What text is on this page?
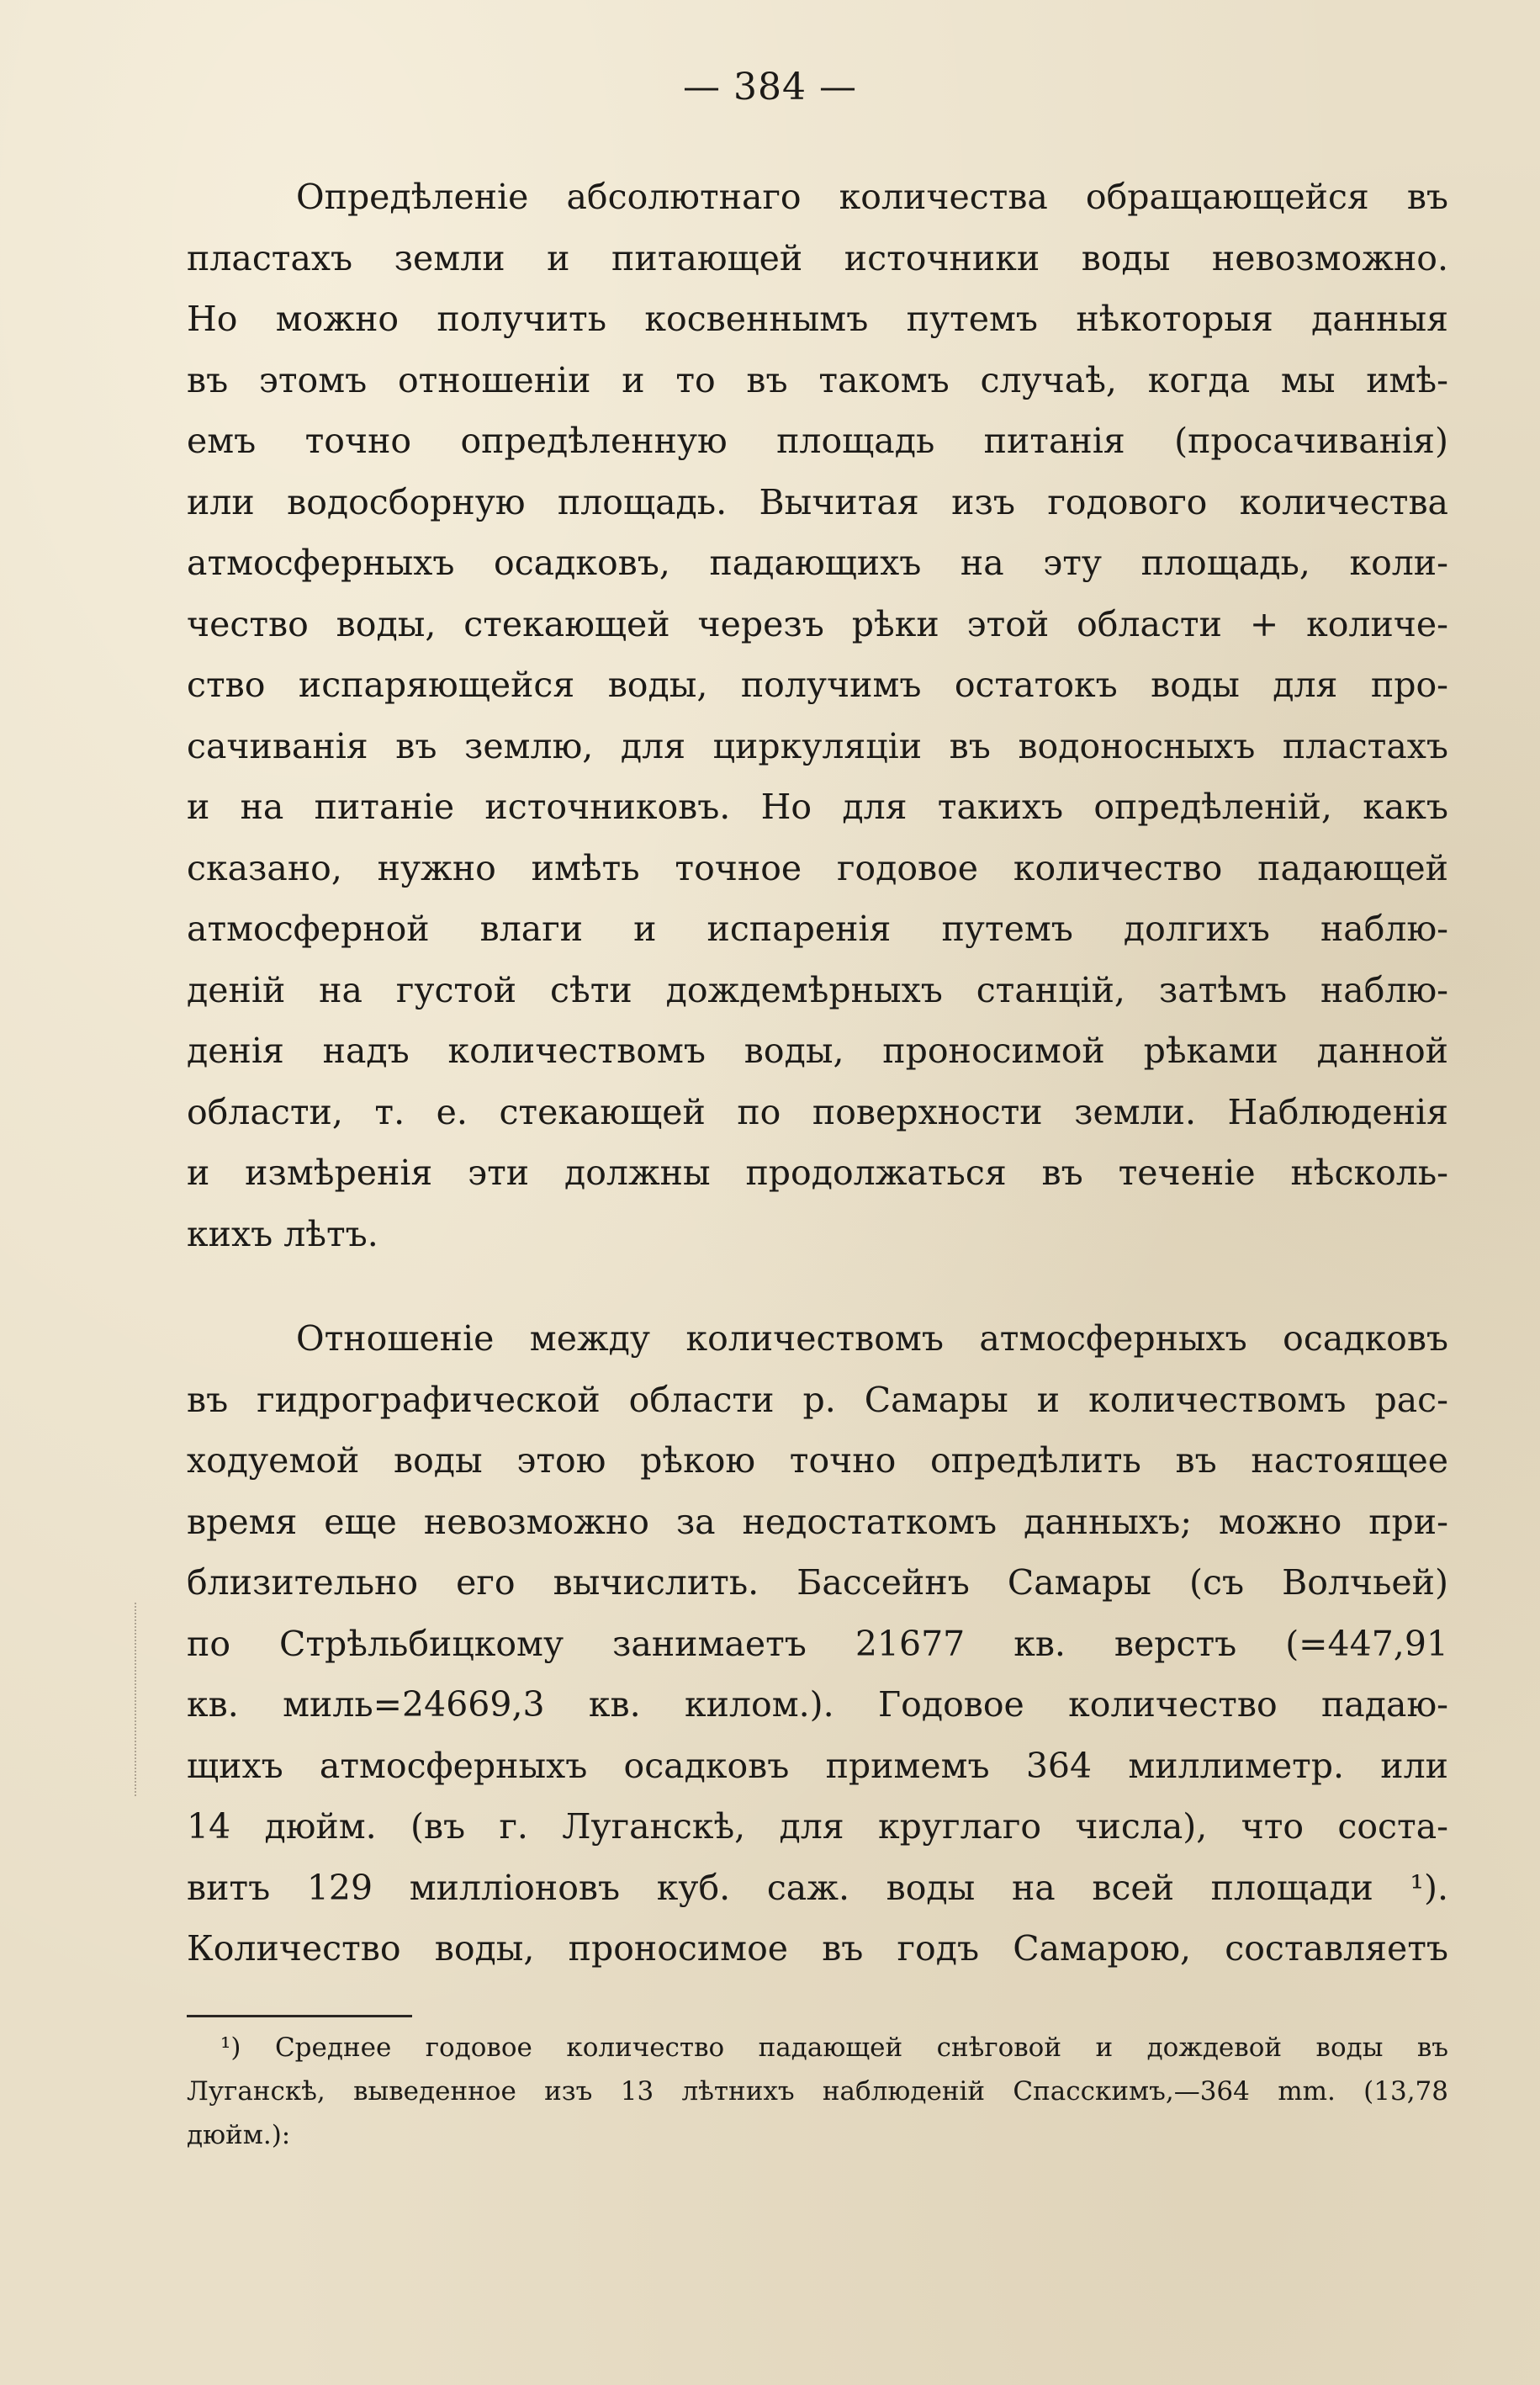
— 384 —
Опредѣленіе абсолютнаго количества обращающейся въ
пластахъ земли и питающей источники воды невозможно.
Но можно получить косвеннымъ путемъ нѣкоторыя данныя
въ этомъ отношеніи и то въ такомъ случаѣ, когда мы имѣ-
емъ точно опредѣленную площадь питанія (просачиванія)
или водосборную площадь. Вычитая изъ годового количества
атмосферныхъ осадковъ, падающихъ на эту площадь, коли-
чество воды, стекающей черезъ рѣки этой области + количе-
ство испаряющейся воды, получимъ остатокъ воды для про-
сачиванія въ землю, для циркуляціи въ водоносныхъ пластахъ
и на питаніе источниковъ. Но для такихъ опредѣленій, какъ
сказано, нужно имѣть точное годовое количество падающей
атмосферной влаги и испаренія путемъ долгихъ наблю-
деній на густой сѣти дождемѣрныхъ станцій, затѣмъ наблю-
денія надъ количествомъ воды, проносимой рѣками данной
области, т. е. стекающей по поверхности земли. Наблюденія
и измѣренія эти должны продолжаться въ теченіе нѣсколь-
кихъ лѣтъ.
Отношеніе между количествомъ атмосферныхъ осадковъ
въ гидрографической области р. Самары и количествомъ рас-
ходуемой воды этою рѣкою точно опредѣлить въ настоящее
время еще невозможно за недостаткомъ данныхъ; можно при-
близительно его вычислить. Бассейнъ Самары (съ Волчьей)
по Стрѣльбицкому занимаетъ 21677 кв. верстъ (=447,91
кв. миль=24669,3 кв. килом.). Годовое количество падаю-
щихъ атмосферныхъ осадковъ примемъ 364 миллиметр. или
14 дюйм. (въ г. Луганскѣ, для круглаго числа), что соста-
витъ 129 милліоновъ куб. саж. воды на всей площади ¹).
Количество воды, проносимое въ годъ Самарою, составляетъ
¹) Среднее годовое количество падающей снѣговой и дождевой воды въ
Луганскѣ, выведенное изъ 13 лѣтнихъ наблюденій Спасскимъ,—364 mm. (13,78
дюйм.):
